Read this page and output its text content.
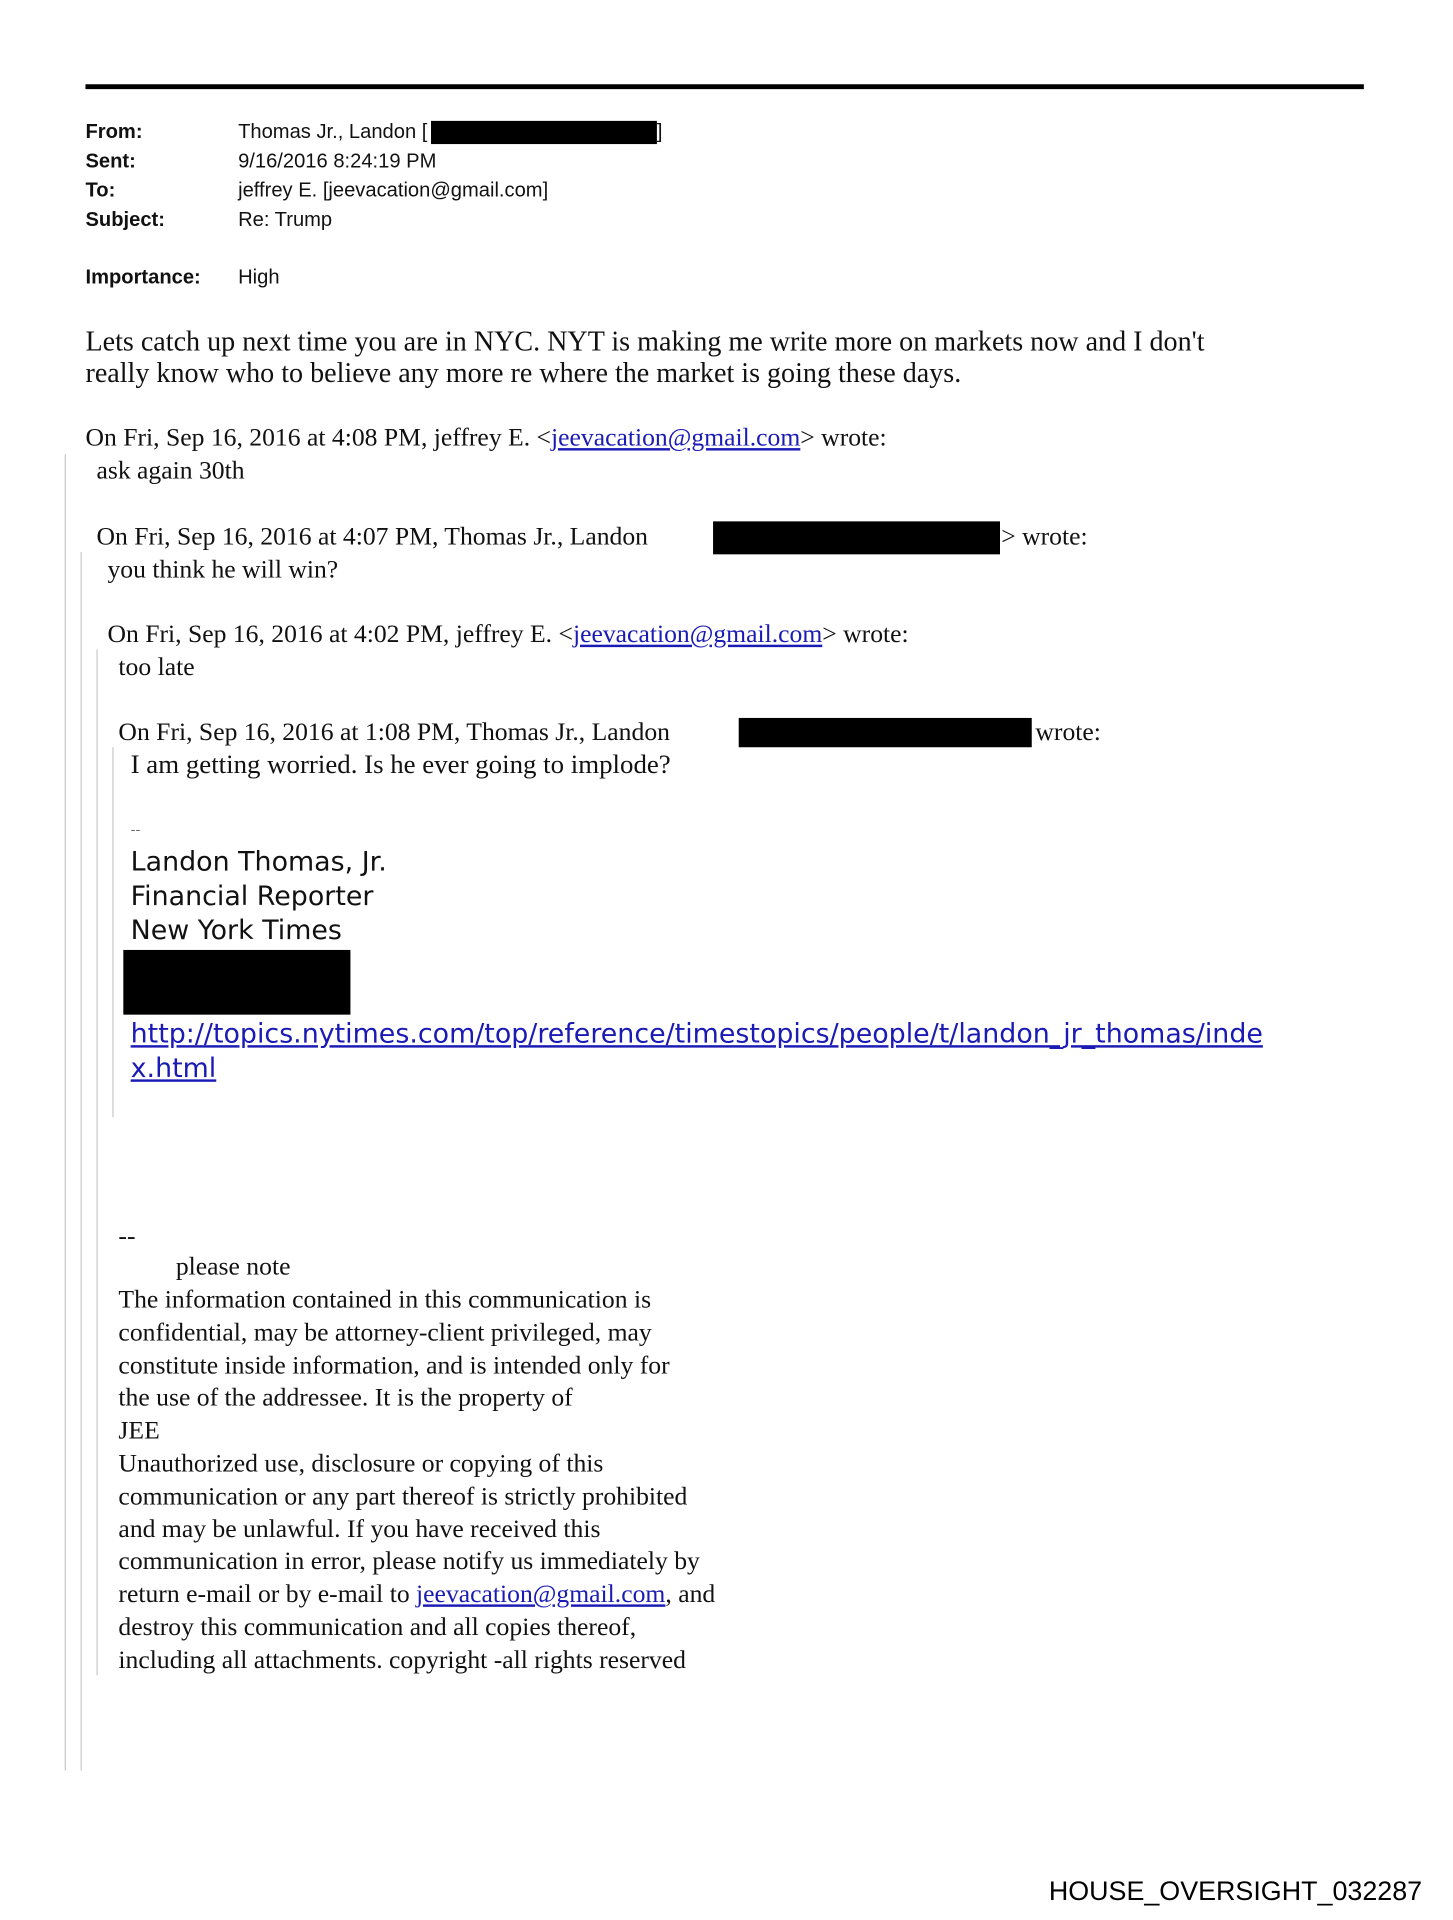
From:	Thomas Jr., Landon [	]
Sent:	9/16/2016 8:24:19 PM
To:	jeffrey E. [jeevacation@gmail.com]
Subject:	Re: Trump
Importance: High
Lets catch up next time you are in NYC. NYT is making me write more on markets now and I don't
really know who to believe any more re where the market is going these days.
On Fri, Sep 16, 2016 at 4:08 PM, jeffrey E. <jeevacation@gmail.com> wrote:
ask again 30th
On Fri, Sep 16, 2016 at 4:07 PM, Thomas Jr., Landon	> wrote:
you think he will win?
On Fri, Sep 16, 2016 at 4:02 PM, jeffrey E. <jeevacation@gmail.com> wrote:
too late
On Fri, Sep 16, 2016 at 1:08 PM, Thomas Jr., Landon	wrote:
I am getting worried. Is he ever going to implode?
--
Landon Thomas, Jr.
Financial Reporter
New York Times
http://topics.nytimes.com/top/reference/timestopics/people/t/landon_jr_thomas/inde
x.html
--
please note
The information contained in this communication is
confidential, may be attorney-client privileged, may
constitute inside information, and is intended only for
the use of the addressee. It is the property of
JEE
Unauthorized use, disclosure or copying of this
communication or any part thereof is strictly prohibited
and may be unlawful. If you have received this
communication in error, please notify us immediately by
return e-mail or by e-mail to jeevacation@gmail.com, and
destroy this communication and all copies thereof,
including all attachments. copyright -all rights reserved
HOUSE_OVERSIGHT_032287
